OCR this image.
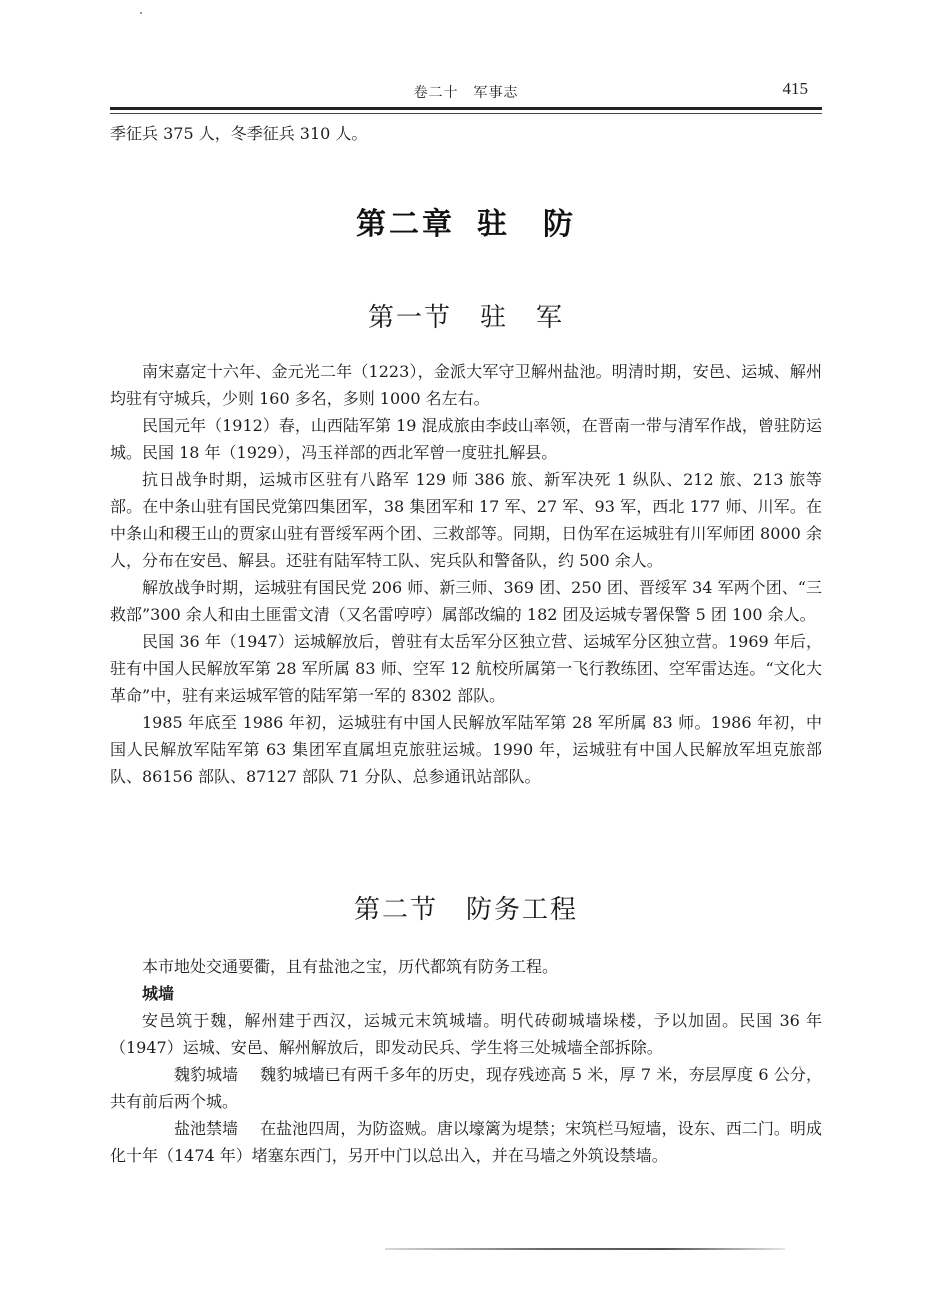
卷二十　军事志	415

季征兵 375 人，冬季征兵 310 人。

第二章 驻　防
第一节 驻　军

南宋嘉定十六年、金元光二年（1223），金派大军守卫解州盐池。明清时期，安邑、运城、解州均驻有守城兵，少则 160 多名，多则 1000 名左右。

民国元年（1912）春，山西陆军第 19 混成旅由李歧山率领，在晋南一带与清军作战，曾驻防运城。民国 18 年（1929），冯玉祥部的西北军曾一度驻扎解县。

抗日战争时期，运城市区驻有八路军 129 师 386 旅、新军决死 1 纵队、212 旅、213 旅等部。在中条山驻有国民党第四集团军，38 集团军和 17 军、27 军、93 军，西北 177 师、川军。在中条山和稷王山的贾家山驻有晋绥军两个团、三救部等。同期，日伪军在运城驻有川军师团 8000 余人，分布在安邑、解县。还驻有陆军特工队、宪兵队和警备队，约 500 余人。

解放战争时期，运城驻有国民党 206 师、新三师、369 团、250 团、晋绥军 34 军两个团、“三救部”300 余人和由土匪雷文清（又名雷哼哼）属部改编的 182 团及运城专署保警 5 团 100 余人。

民国 36 年（1947）运城解放后，曾驻有太岳军分区独立营、运城军分区独立营。1969 年后，驻有中国人民解放军第 28 军所属 83 师、空军 12 航校所属第一飞行教练团、空军雷达连。“文化大革命”中，驻有来运城军管的陆军第一军的 8302 部队。

1985 年底至 1986 年初，运城驻有中国人民解放军陆军第 28 军所属 83 师。1986 年初，中国人民解放军陆军第 63 集团军直属坦克旅驻运城。1990 年，运城驻有中国人民解放军坦克旅部队、86156 部队、87127 部队 71 分队、总参通讯站部队。

第二节 防务工程

本市地处交通要衢，且有盐池之宝，历代都筑有防务工程。

城墙

安邑筑于魏，解州建于西汉，运城元末筑城墙。明代砖砌城墙垛楼，予以加固。民国 36 年（1947）运城、安邑、解州解放后，即发动民兵、学生将三处城墙全部拆除。

魏豹城墙 魏豹城墙已有两千多年的历史，现存残迹高 5 米，厚 7 米，夯层厚度 6 公分，共有前后两个城。

盐池禁墙 在盐池四周，为防盗贼。唐以壕篱为堤禁；宋筑栏马短墙，设东、西二门。明成化十年（1474 年）堵塞东西门，另开中门以总出入，并在马墙之外筑设禁墙。
